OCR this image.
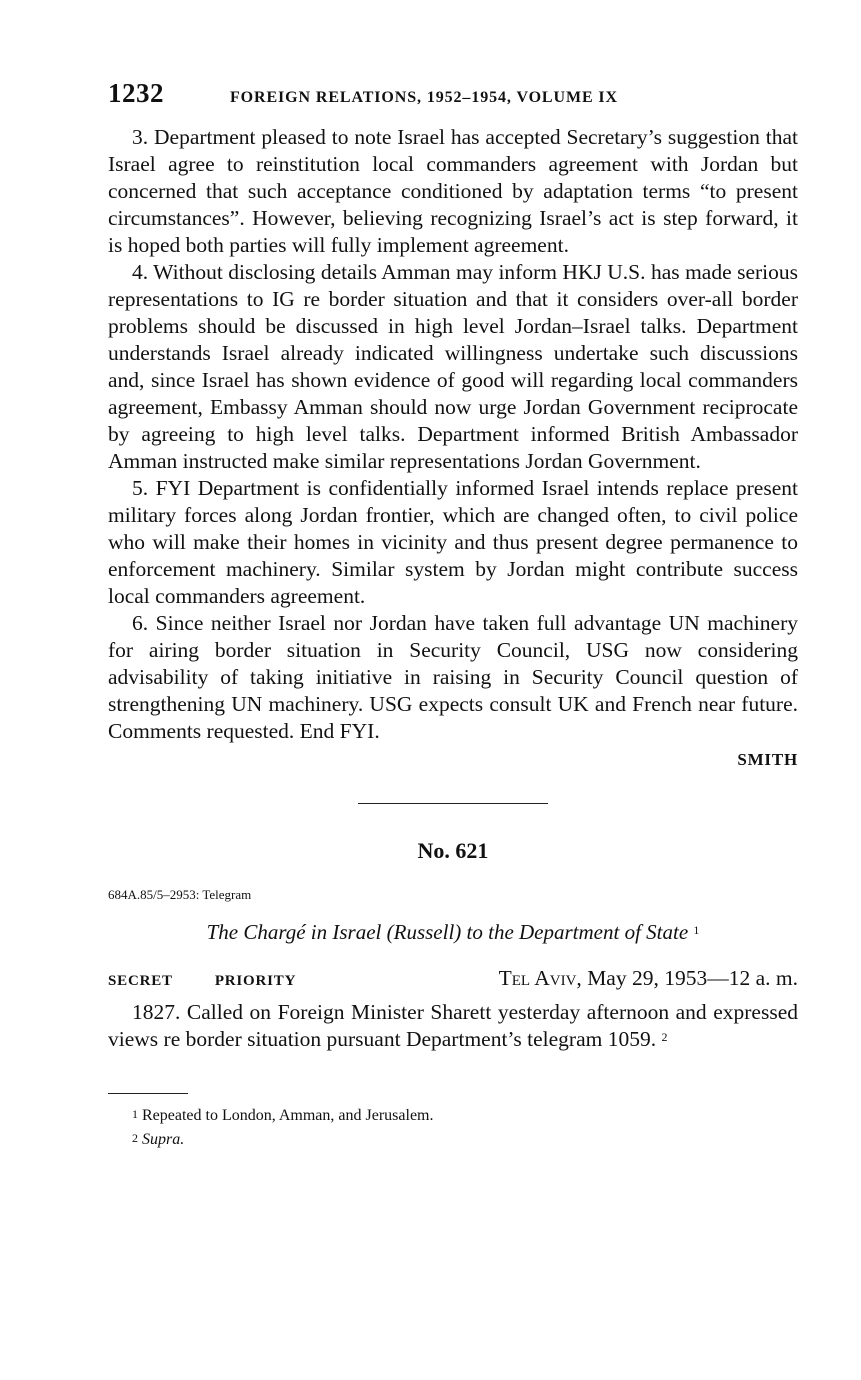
1232	FOREIGN RELATIONS, 1952–1954, VOLUME IX

3. Department pleased to note Israel has accepted Secretary’s suggestion that Israel agree to reinstitution local commanders agreement with Jordan but concerned that such acceptance conditioned by adaptation terms “to present circumstances”. However, believing recognizing Israel’s act is step forward, it is hoped both parties will fully implement agreement.

4. Without disclosing details Amman may inform HKJ U.S. has made serious representations to IG re border situation and that it considers over-all border problems should be discussed in high level Jordan–Israel talks. Department understands Israel already indicated willingness undertake such discussions and, since Israel has shown evidence of good will regarding local commanders agreement, Embassy Amman should now urge Jordan Government reciprocate by agreeing to high level talks. Department informed British Ambassador Amman instructed make similar representations Jordan Government.

5. FYI Department is confidentially informed Israel intends replace present military forces along Jordan frontier, which are changed often, to civil police who will make their homes in vicinity and thus present degree permanence to enforcement machinery. Similar system by Jordan might contribute success local commanders agreement.

6. Since neither Israel nor Jordan have taken full advantage UN machinery for airing border situation in Security Council, USG now considering advisability of taking initiative in raising in Security Council question of strengthening UN machinery. USG expects consult UK and French near future. Comments requested. End FYI.

SMITH
No. 621
684A.85/5–2953: Telegram
The Chargé in Israel (Russell) to the Department of State $^1$
SECRET	PRIORITY	Tel Aviv, May 29, 1953—12 a. m.

1827. Called on Foreign Minister Sharett yesterday afternoon and expressed views re border situation pursuant Department’s telegram 1059. $^2$

$^1$ Repeated to London, Amman, and Jerusalem.
$^2$ Supra.
